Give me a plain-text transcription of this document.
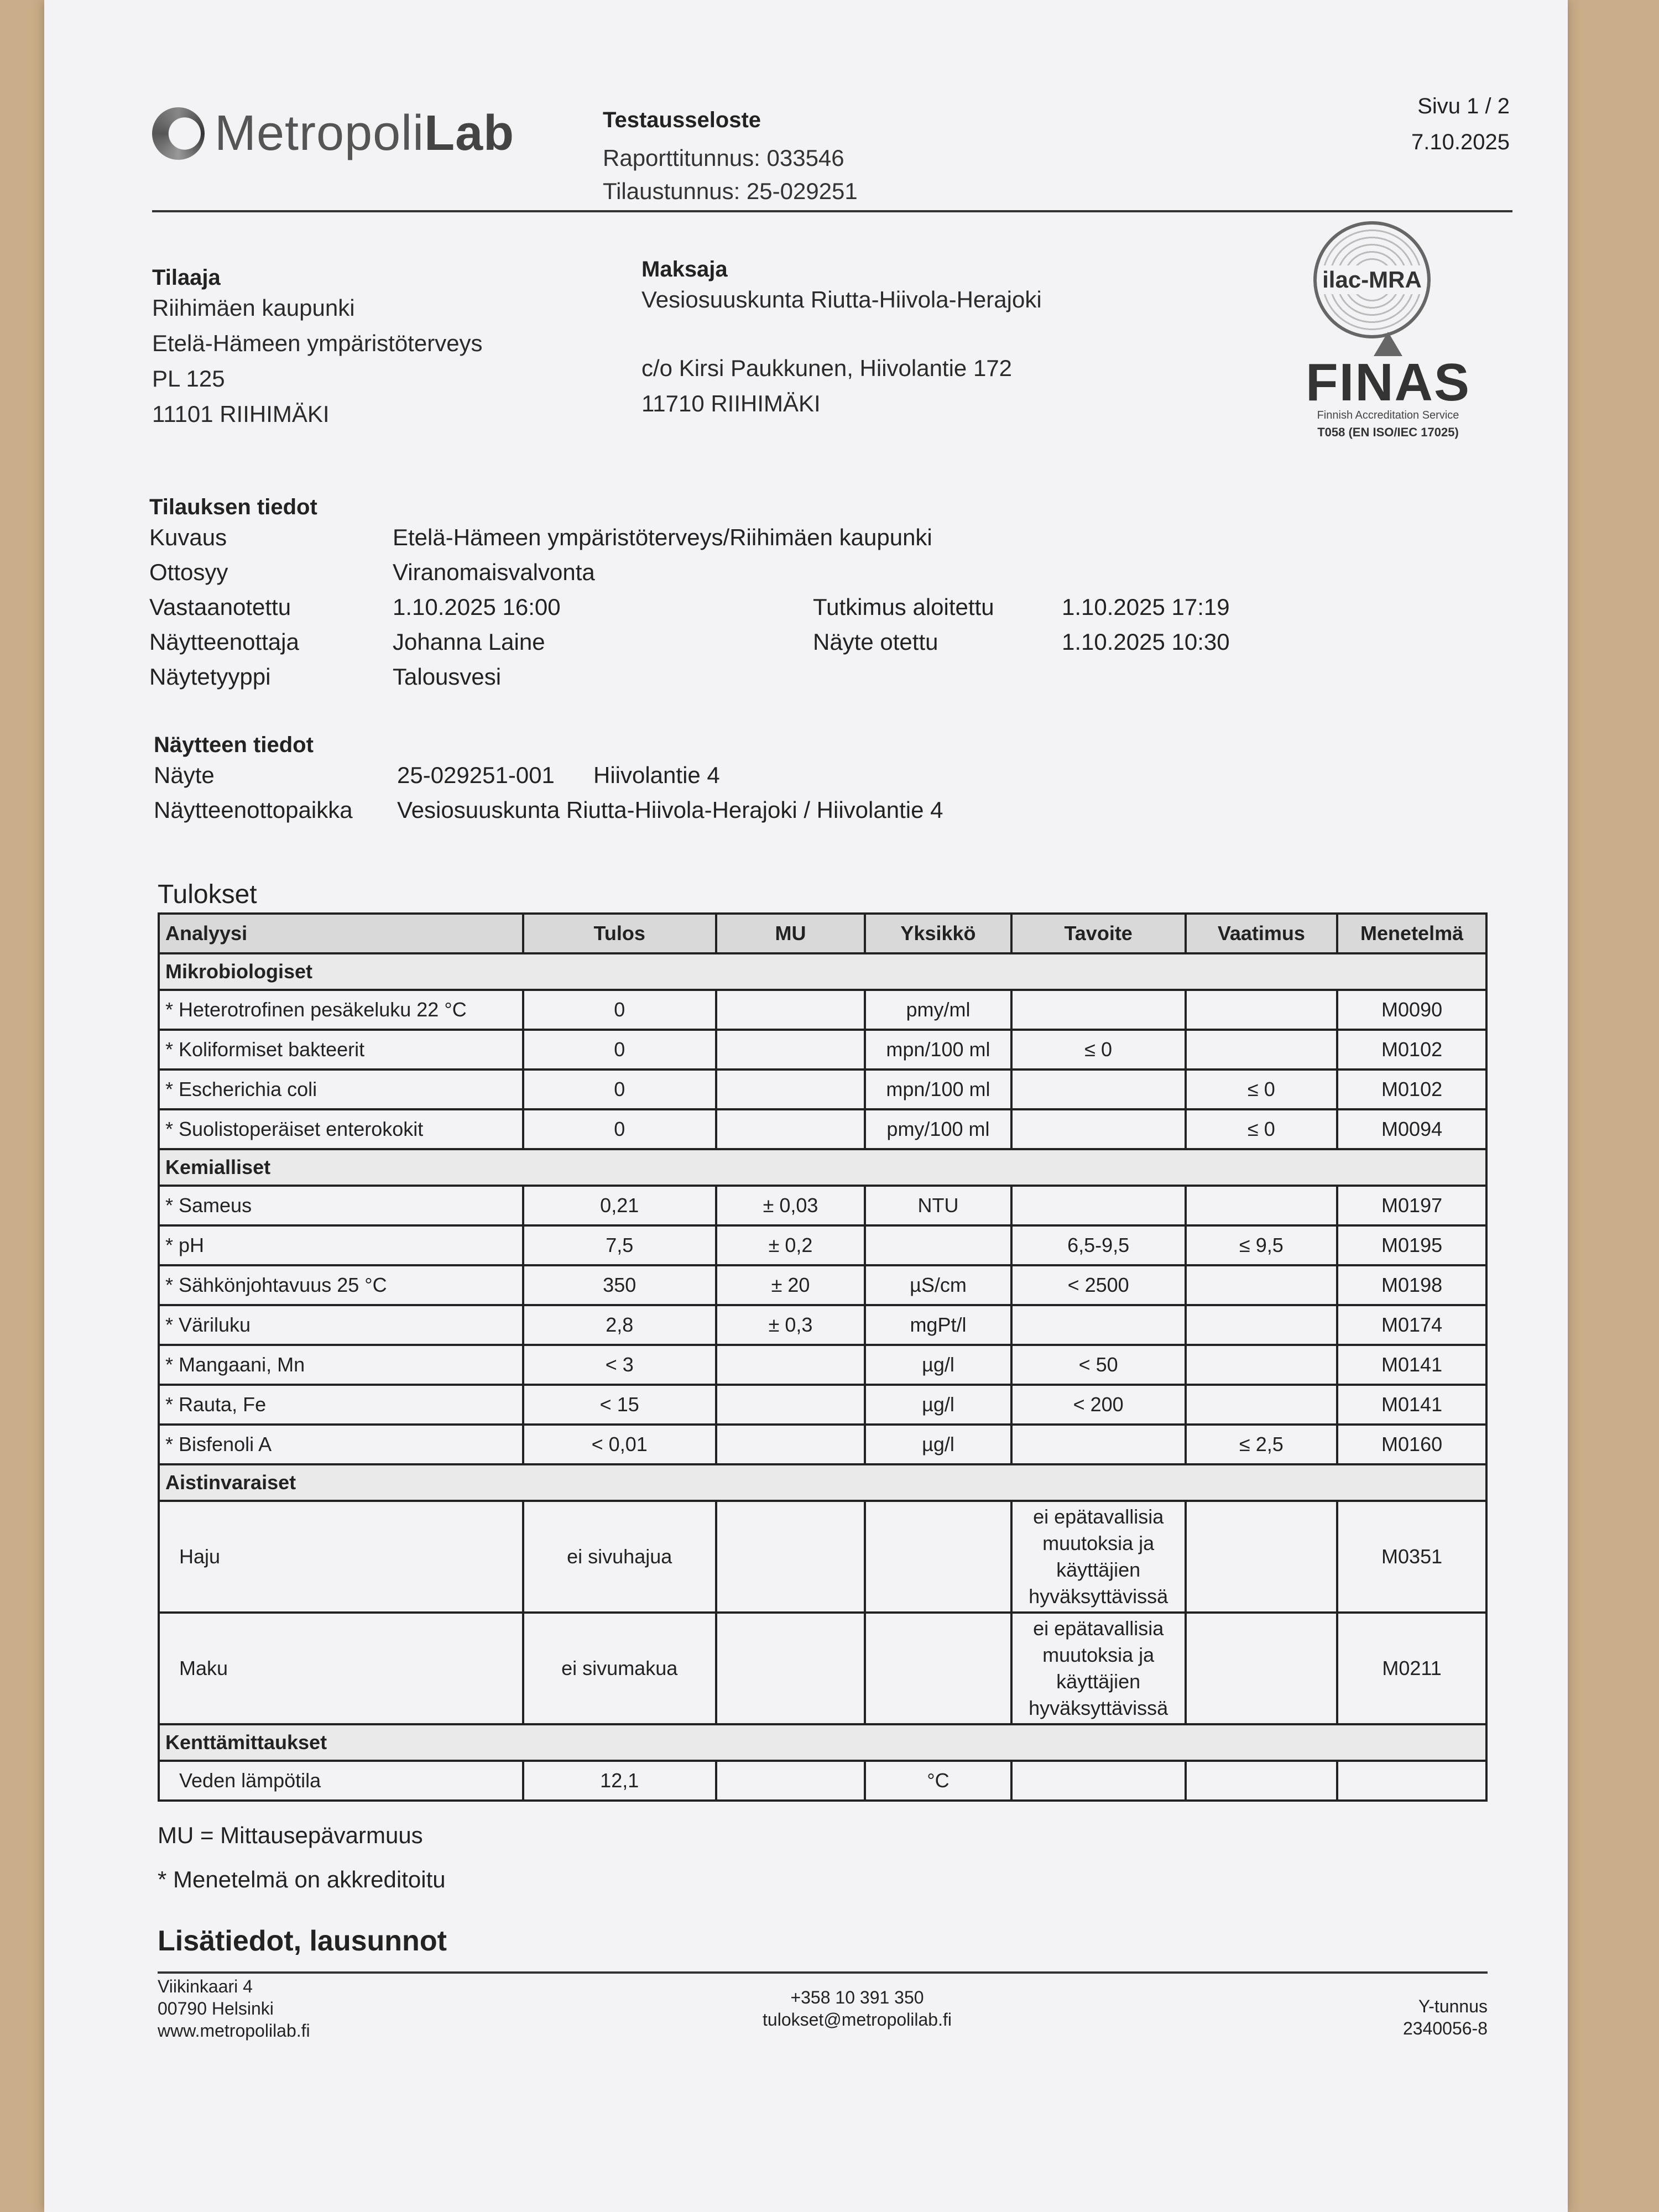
MetropoliLab	Testausseloste
Raporttitunnus: 033546
Tilaustunnus: 25-029251
Sivu 1 / 2
7.10.2025
Tilaaja
Riihimäen kaupunki
Etelä-Hämeen ympäristöterveys
PL 125
11101 RIIHIMÄKI
Maksaja
Vesiosuuskunta Riutta-Hiivola-Herajoki
c/o Kirsi Paukkunen, Hiivolantie 172
11710 RIIHIMÄKI
ilac-MRA
FINAS
Finnish Accreditation Service
T058 (EN ISO/IEC 17025)
Tilauksen tiedot
Kuvaus	Etelä-Hämeen ympäristöterveys/Riihimäen kaupunki
Ottosyy	Viranomaisvalvonta
Vastaanotettu	1.10.2025 16:00	Tutkimus aloitettu	1.10.2025 17:19
Näytteenottaja	Johanna Laine	Näyte otettu	1.10.2025 10:30
Näytetyyppi	Talousvesi
Näytteen tiedot
Näyte	25-029251-001	Hiivolantie 4
Näytteenottopaikka	Vesiosuuskunta Riutta-Hiivola-Herajoki / Hiivolantie 4
Tulokset
Analyysi	Tulos	MU	Yksikkö	Tavoite	Vaatimus	Menetelmä
Mikrobiologiset						
* Heterotrofinen pesäkeluku 22 °C	0		pmy/ml			M0090
* Koliformiset bakteerit	0		mpn/100 ml	≤ 0		M0102
* Escherichia coli	0		mpn/100 ml		≤ 0	M0102
* Suolistoperäiset enterokokit	0		pmy/100 ml		≤ 0	M0094
Kemialliset						
* Sameus	0,21	± 0,03	NTU			M0197
* pH	7,5	± 0,2		6,5-9,5	≤ 9,5	M0195
* Sähkönjohtavuus 25 °C	350	± 20	µS/cm	< 2500		M0198
* Väriluku	2,8	± 0,3	mgPt/l			M0174
* Mangaani, Mn	< 3		µg/l	< 50		M0141
* Rauta, Fe	< 15		µg/l	< 200		M0141
* Bisfenoli A	< 0,01		µg/l		≤ 2,5	M0160
Aistinvaraiset						
Haju	ei sivuhajua			ei epätavallisia muutoksia ja käyttäjien hyväksyttävissä		M0351
Maku	ei sivumakua			ei epätavallisia muutoksia ja käyttäjien hyväksyttävissä		M0211
Kenttämittaukset						
Veden lämpötila	12,1		°C			
MU = Mittausepävarmuus
* Menetelmä on akkreditoitu
Lisätiedot, lausunnot
Viikinkaari 4
00790 Helsinki
www.metropolilab.fi
+358 10 391 350
tulokset@metropolilab.fi
Y-tunnus
2340056-8
